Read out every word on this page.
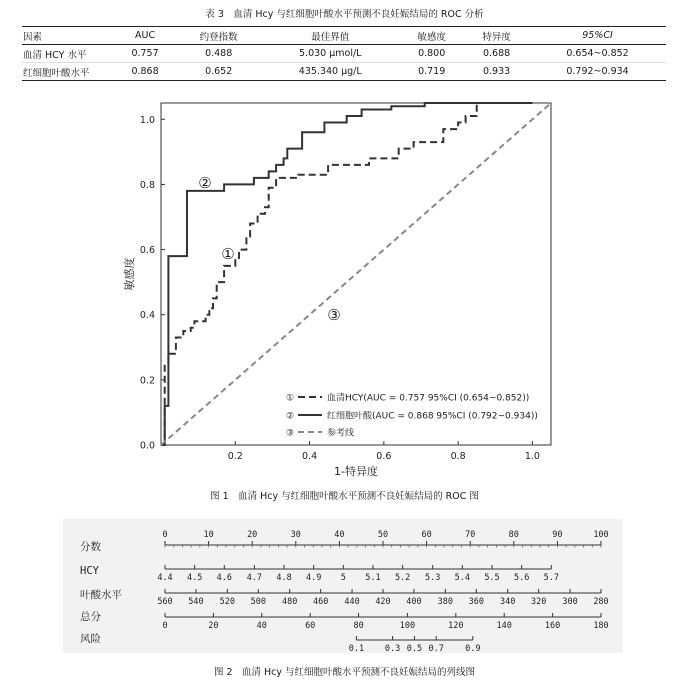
表 3　血清 Hcy 与红细胞叶酸水平预测不良妊娠结局的 ROC 分析
因素	AUC	约登指数	最佳界值	敏感度	特异度	95%CI
血清 HCY 水平	0.757	0.488	5.030 μmol/L	0.800	0.688	0.654~0.852
红细胞叶酸水平	0.868	0.652	435.340 μg/L	0.719	0.933	0.792~0.934
0.0
0.2
0.4
0.6
0.8
1.0
0.2	0.4	0.6	0.8	1.0
1-特异度
敏感度
①
②
③
①	血清HCY(AUC = 0.757 95%CI (0.654~0.852))
②	红细胞叶酸(AUC = 0.868 95%CI (0.792~0.934))
③	参考线
图 1　血清 Hcy 与红细胞叶酸水平预测不良妊娠结局的 ROC 图
分数
0	10	20	30	40	50	60	70	80	90	100
HCY
4.4 4.5 4.6 4.7 4.8 4.9 5 5.1 5.2 5.3 5.4 5.5 5.6 5.7
叶酸水平
560 540 520 500 480 460 440 420 400 380 360 340 320 300 280
总分
0	20	40	60	80	100	120	140	160	180
风险
0.1 0.3 0.5 0.7	0.9
图 2　血清 Hcy 与红细胞叶酸水平预测不良妊娠结局的列线图
